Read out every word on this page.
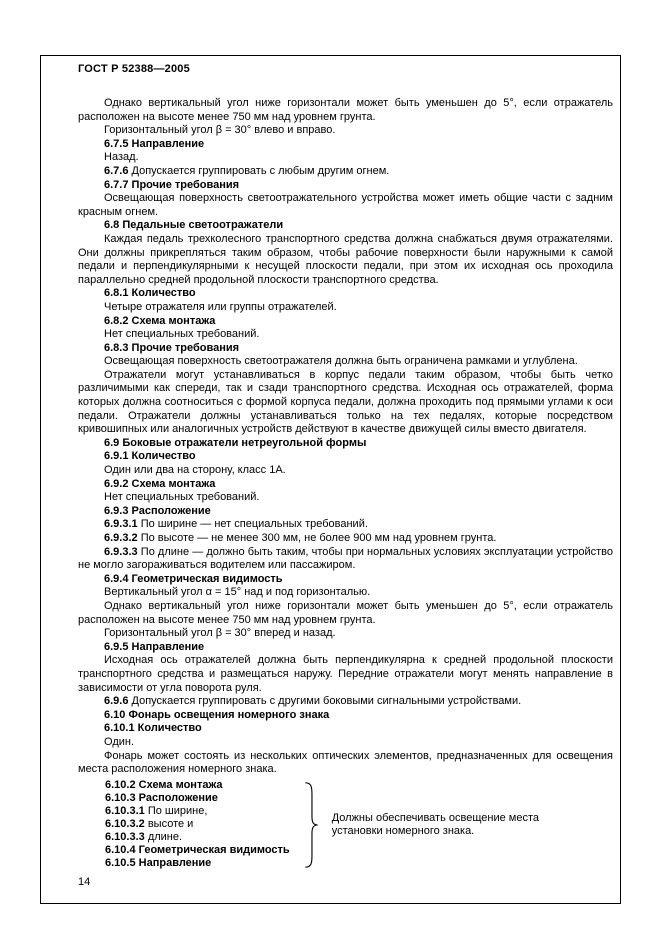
ГОСТ Р 52388—2005

Однако вертикальный угол ниже горизонтали может быть уменьшен до 5°, если отражатель расположен на высоте менее 750 мм над уровнем грунта.

Горизонтальный угол β = 30° влево и вправо.

6.7.5 Направление

Назад.

6.7.6 Допускается группировать с любым другим огнем.

6.7.7 Прочие требования

Освещающая поверхность светоотражательного устройства может иметь общие части с задним красным огнем.

6.8 Педальные светоотражатели

Каждая педаль трехколесного транспортного средства должна снабжаться двумя отражателями. Они должны прикрепляться таким образом, чтобы рабочие поверхности были наружными к самой педали и перпендикулярными к несущей плоскости педали, при этом их исходная ось проходила параллельно средней продольной плоскости транспортного средства.

6.8.1 Количество

Четыре отражателя или группы отражателей.

6.8.2 Схема монтажа

Нет специальных требований.

6.8.3 Прочие требования

Освещающая поверхность светоотражателя должна быть ограничена рамками и углублена.

Отражатели могут устанавливаться в корпус педали таким образом, чтобы быть четко различимыми как спереди, так и сзади транспортного средства. Исходная ось отражателей, форма которых должна соотноситься с формой корпуса педали, должна проходить под прямыми углами к оси педали. Отражатели должны устанавливаться только на тех педалях, которые посредством кривошипных или аналогичных устройств действуют в качестве движущей силы вместо двигателя.

6.9 Боковые отражатели нетреугольной формы

6.9.1 Количество

Один или два на сторону, класс 1А.

6.9.2 Схема монтажа

Нет специальных требований.

6.9.3 Расположение

6.9.3.1 По ширине — нет специальных требований.

6.9.3.2 По высоте — не менее 300 мм, не более 900 мм над уровнем грунта.

6.9.3.3 По длине — должно быть таким, чтобы при нормальных условиях эксплуатации устройство не могло загораживаться водителем или пассажиром.

6.9.4 Геометрическая видимость

Вертикальный угол α = 15° над и под горизонталью.

Однако вертикальный угол ниже горизонтали может быть уменьшен до 5°, если отражатель расположен на высоте менее 750 мм над уровнем грунта.

Горизонтальный угол β = 30° вперед и назад.

6.9.5 Направление

Исходная ось отражателей должна быть перпендикулярна к средней продольной плоскости транспортного средства и размещаться наружу. Передние отражатели могут менять направление в зависимости от угла поворота руля.

6.9.6 Допускается группировать с другими боковыми сигнальными устройствами.

6.10 Фонарь освещения номерного знака

6.10.1 Количество

Один.

Фонарь может состоять из нескольких оптических элементов, предназначенных для освещения места расположения номерного знака.

6.10.2 Схема монтажа

6.10.3 Расположение

6.10.3.1 По ширине,

6.10.3.2 высоте и

6.10.3.3 длине.

6.10.4 Геометрическая видимость

6.10.5 Направление

Должны обеспечивать освещение места установки номерного знака.
14
